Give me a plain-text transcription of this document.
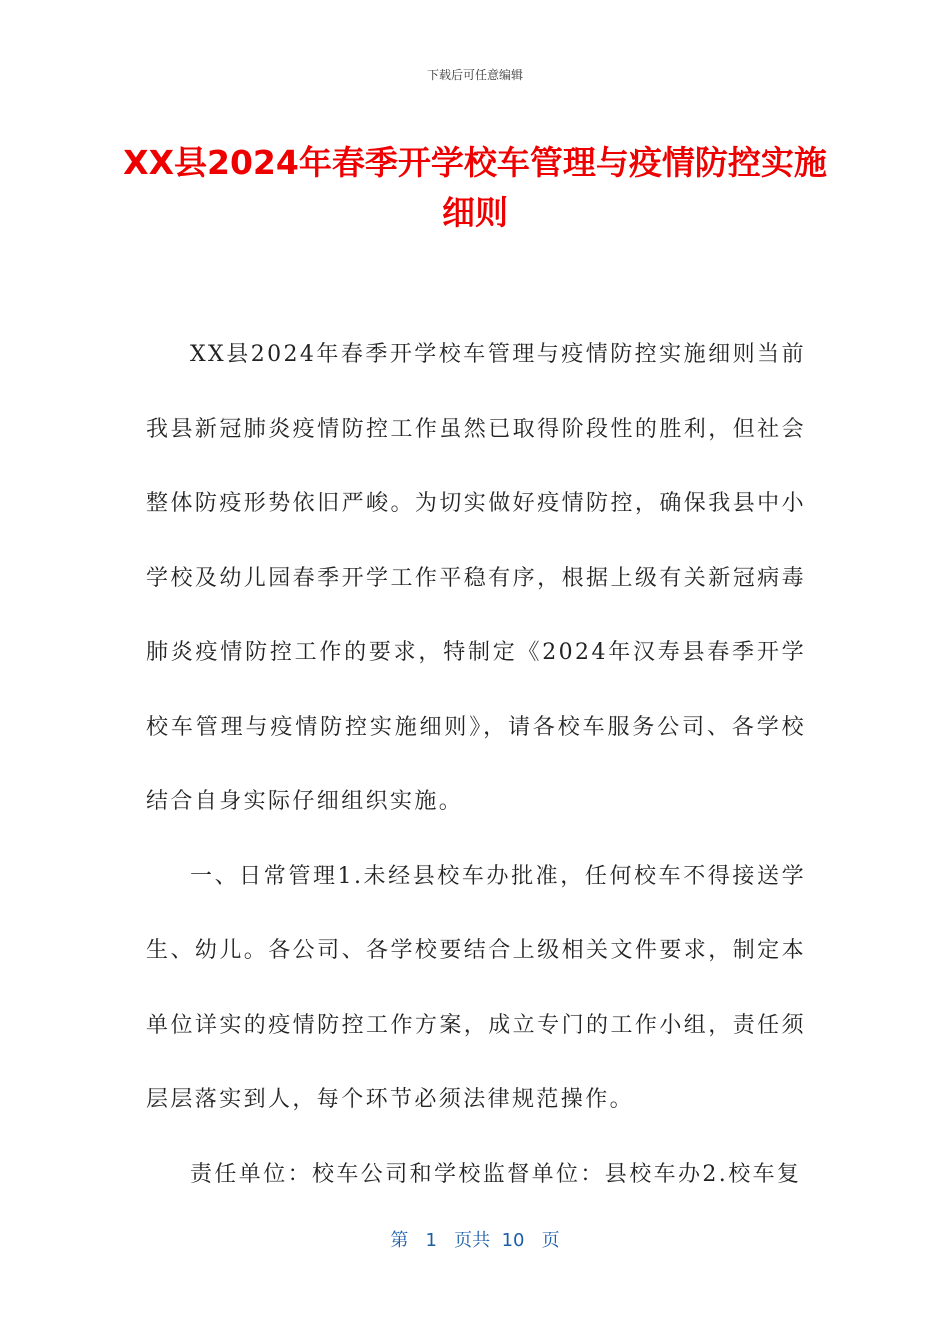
下载后可任意编辑
XX县2024年春季开学校车管理与疫情防控实施细则

XX县2024年春季开学校车管理与疫情防控实施细则当前我县新冠肺炎疫情防控工作虽然已取得阶段性的胜利，但社会整体防疫形势依旧严峻。为切实做好疫情防控，确保我县中小学校及幼儿园春季开学工作平稳有序，根据上级有关新冠病毒肺炎疫情防控工作的要求，特制定《2024年汉寿县春季开学校车管理与疫情防控实施细则》，请各校车服务公司、各学校结合自身实际仔细组织实施。

一、日常管理1.未经县校车办批准，任何校车不得接送学生、幼儿。各公司、各学校要结合上级相关文件要求，制定本单位详实的疫情防控工作方案，成立专门的工作小组，责任须层层落实到人，每个环节必须法律规范操作。

责任单位：校车公司和学校监督单位：县校车办2.校车复

第 1 页共 10 页
